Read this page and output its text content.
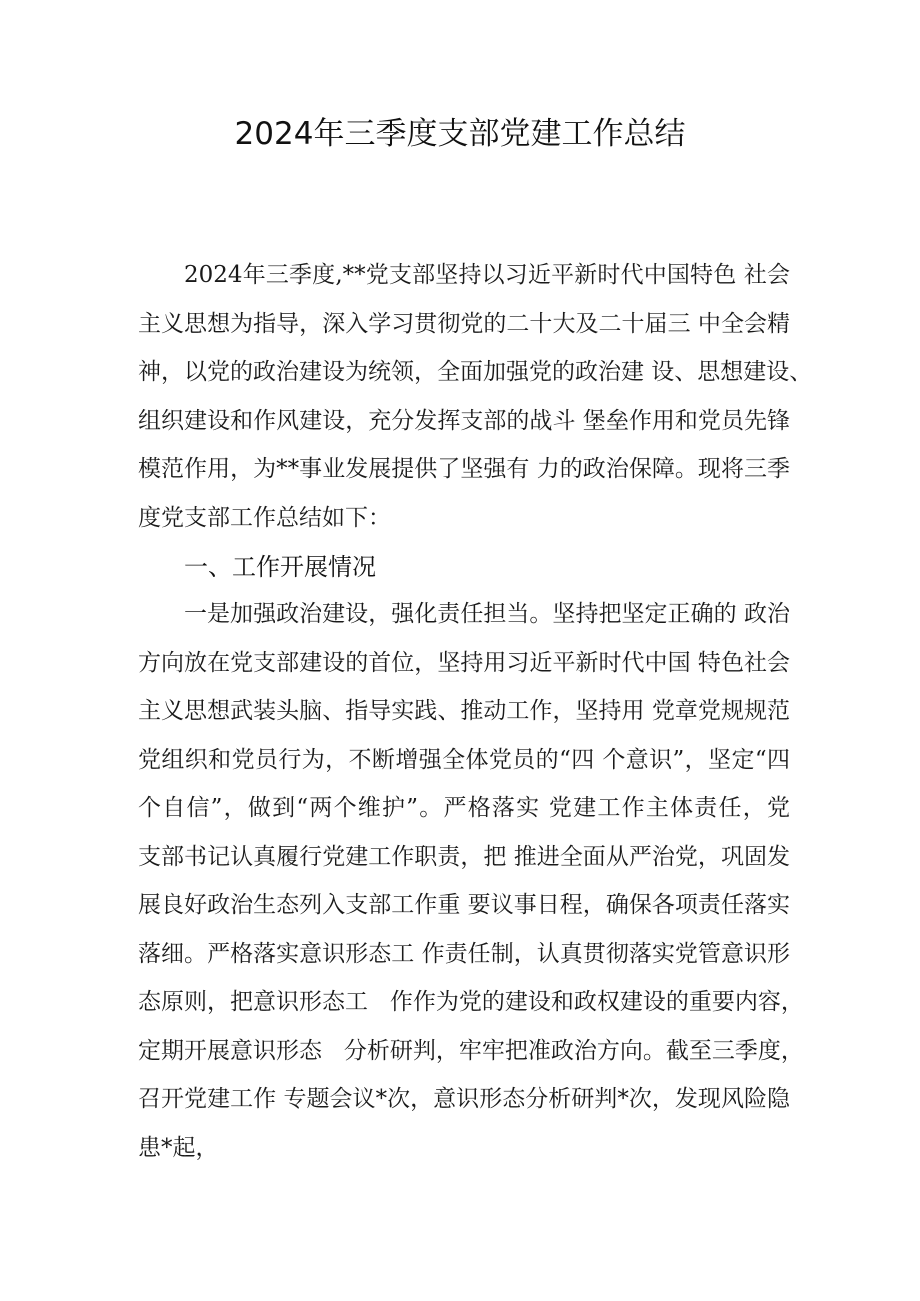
2024年三季度支部党建工作总结
2024年三季度,**党支部坚持以习近平新时代中国特色 社会
主义思想为指导，深入学习贯彻党的二十大及二十届三 中全会精
神，以党的政治建设为统领，全面加强党的政治建 设、思想建设、
组织建设和作风建设，充分发挥支部的战斗 堡垒作用和党员先锋
模范作用，为**事业发展提供了坚强有 力的政治保障。现将三季
度党支部工作总结如下：
一、工作开展情况
一是加强政治建设，强化责任担当。坚持把坚定正确的 政治
方向放在党支部建设的首位，坚持用习近平新时代中国 特色社会
主义思想武装头脑、指导实践、推动工作，坚持用 党章党规规范
党组织和党员行为，不断增强全体党员的“四 个意识”，坚定“四
个自信”，做到“两个维护”。严格落实 党建工作主体责任，党
支部书记认真履行党建工作职责，把 推进全面从严治党，巩固发
展良好政治生态列入支部工作重 要议事日程，确保各项责任落实
落细。严格落实意识形态工 作责任制，认真贯彻落实党管意识形
态原则，把意识形态工   作作为党的建设和政权建设的重要内容，
定期开展意识形态   分析研判，牢牢把准政治方向。截至三季度，
召开党建工作 专题会议*次，意识形态分析研判*次，发现风险隐
患*起，
